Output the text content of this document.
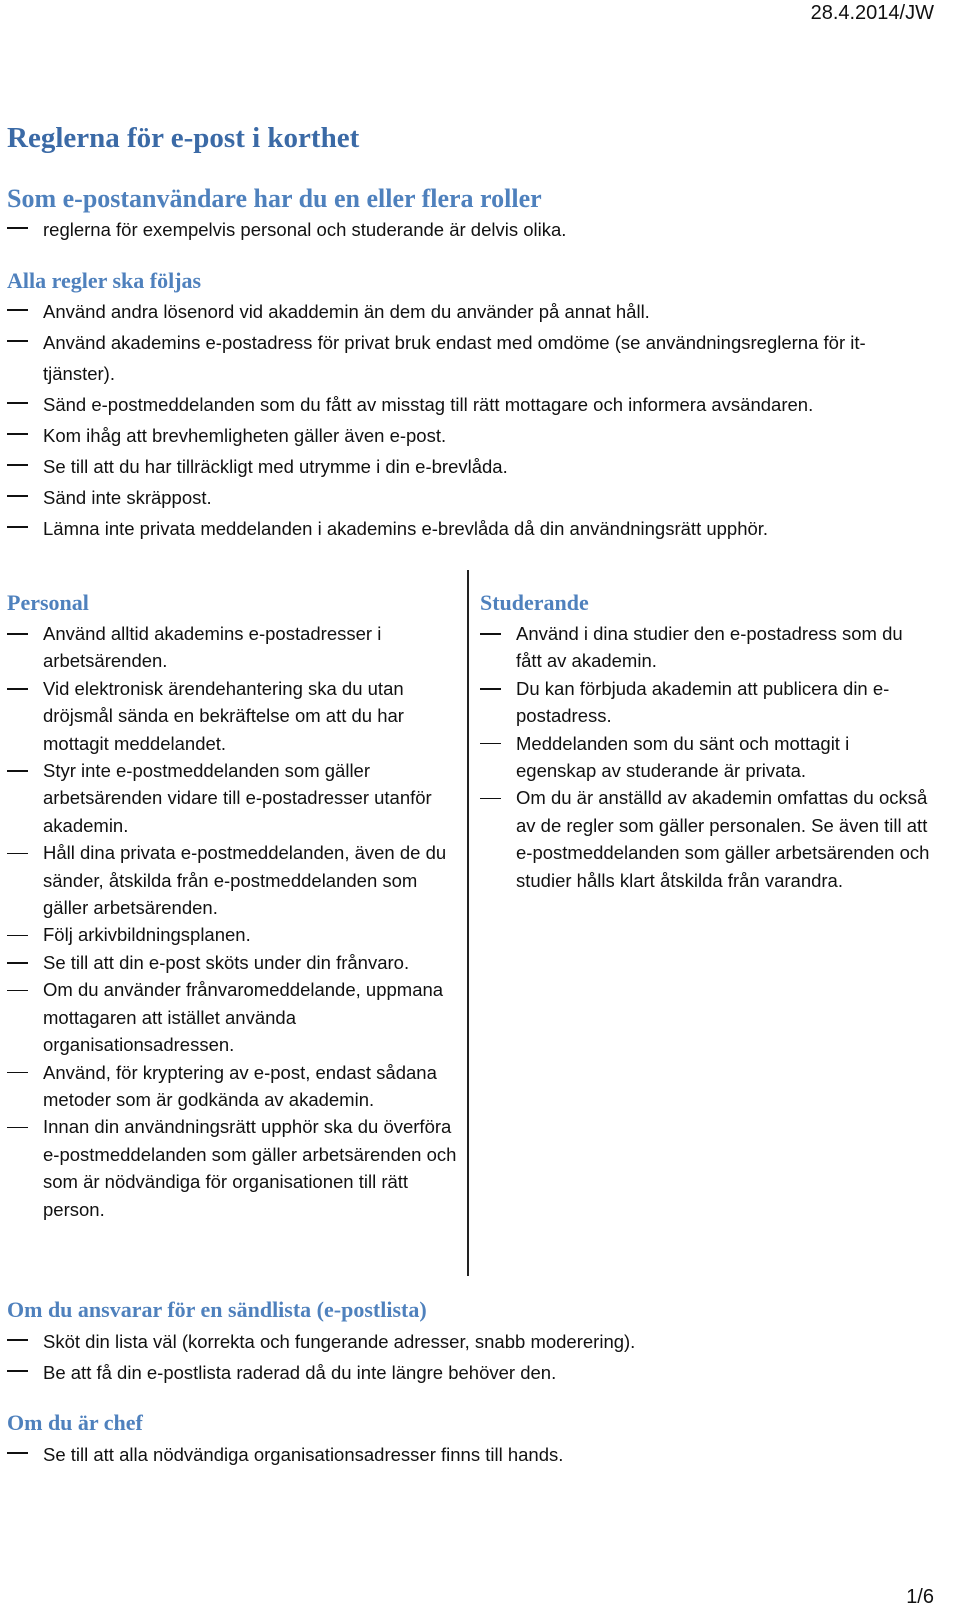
28.4.2014/JW
Reglerna för e-post i korthet
Som e-postanvändare har du en eller flera roller
reglerna för exempelvis personal och studerande är delvis olika.
Alla regler ska följas
Använd andra lösenord vid akaddemin än dem du använder på annat håll.
Använd akademins e-postadress för privat bruk endast med omdöme (se användningsreglerna för it-tjänster).
Sänd e-postmeddelanden som du fått av misstag till rätt mottagare och informera avsändaren.
Kom ihåg att brevhemligheten gäller även e-post.
Se till att du har tillräckligt med utrymme i din e-brevlåda.
Sänd inte skräppost.
Lämna inte privata meddelanden i akademins e-brevlåda då din användningsrätt upphör.
Personal
Använd alltid akademins e-postadresser i arbetsärenden.
Vid elektronisk ärendehantering ska du utan dröjsmål sända en bekräftelse om att du har mottagit meddelandet.
Styr inte e-postmeddelanden som gäller arbetsärenden vidare till e-postadresser utanför akademin.
Håll dina privata e-postmeddelanden, även de du sänder, åtskilda från e-postmeddelanden som gäller arbetsärenden.
Följ arkivbildningsplanen.
Se till att din e-post sköts under din frånvaro.
Om du använder frånvaromeddelande, uppmana mottagaren att istället använda organisationsadressen.
Använd, för kryptering av e-post, endast sådana metoder som är godkända av akademin.
Innan din användningsrätt upphör ska du överföra e-postmeddelanden som gäller arbetsärenden och som är nödvändiga för organisationen till rätt person.
Studerande
Använd i dina studier den e-postadress som du fått av akademin.
Du kan förbjuda akademin att publicera din e-postadress.
Meddelanden som du sänt och mottagit i egenskap av studerande är privata.
Om du är anställd av akademin omfattas du också av de regler som gäller personalen. Se även till att e-postmeddelanden som gäller arbetsärenden och studier hålls klart åtskilda från varandra.
Om du ansvarar för en sändlista (e-postlista)
Sköt din lista väl (korrekta och fungerande adresser, snabb moderering).
Be att få din e-postlista raderad då du inte längre behöver den.
Om du är chef
Se till att alla nödvändiga organisationsadresser finns till hands.
1/6
